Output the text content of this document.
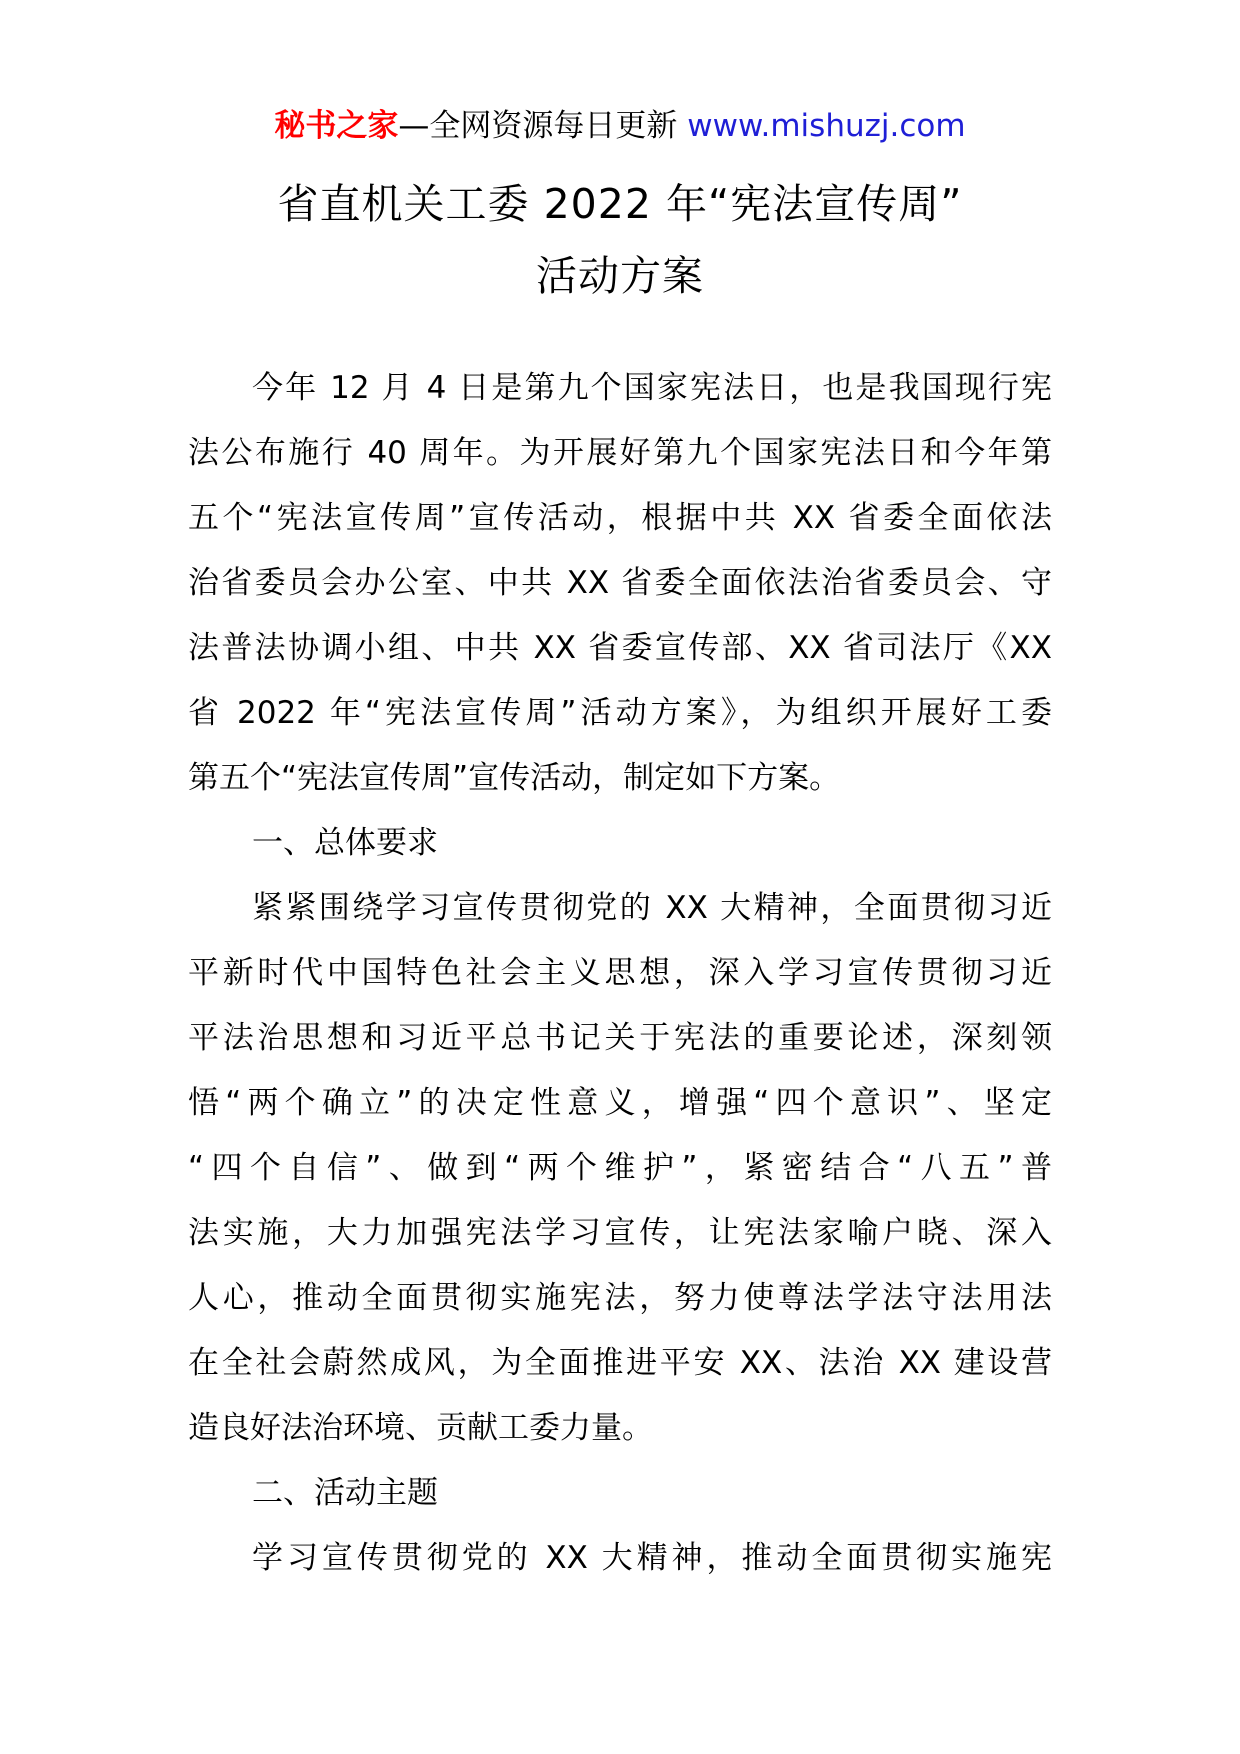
秘书之家—全网资源每日更新 www.mishuzj.com
省直机关工委 2022 年“宪法宣传周”
活动方案
今年 12 月 4 日是第九个国家宪法日，也是我国现行宪
法公布施行 40 周年。为开展好第九个国家宪法日和今年第
五个“宪法宣传周”宣传活动，根据中共 XX 省委全面依法
治省委员会办公室、中共 XX 省委全面依法治省委员会、守
法普法协调小组、中共 XX 省委宣传部、XX 省司法厅《XX
省 2022 年“宪法宣传周”活动方案》，为组织开展好工委
第五个“宪法宣传周”宣传活动，制定如下方案。
一、总体要求
紧紧围绕学习宣传贯彻党的 XX 大精神，全面贯彻习近
平新时代中国特色社会主义思想，深入学习宣传贯彻习近
平法治思想和习近平总书记关于宪法的重要论述，深刻领
悟“两个确立”的决定性意义，增强“四个意识”、坚定
“四个自信”、做到“两个维护”，紧密结合“八五”普
法实施，大力加强宪法学习宣传，让宪法家喻户晓、深入
人心，推动全面贯彻实施宪法，努力使尊法学法守法用法
在全社会蔚然成风，为全面推进平安 XX、法治 XX 建设营
造良好法治环境、贡献工委力量。
二、活动主题
学习宣传贯彻党的 XX 大精神，推动全面贯彻实施宪
